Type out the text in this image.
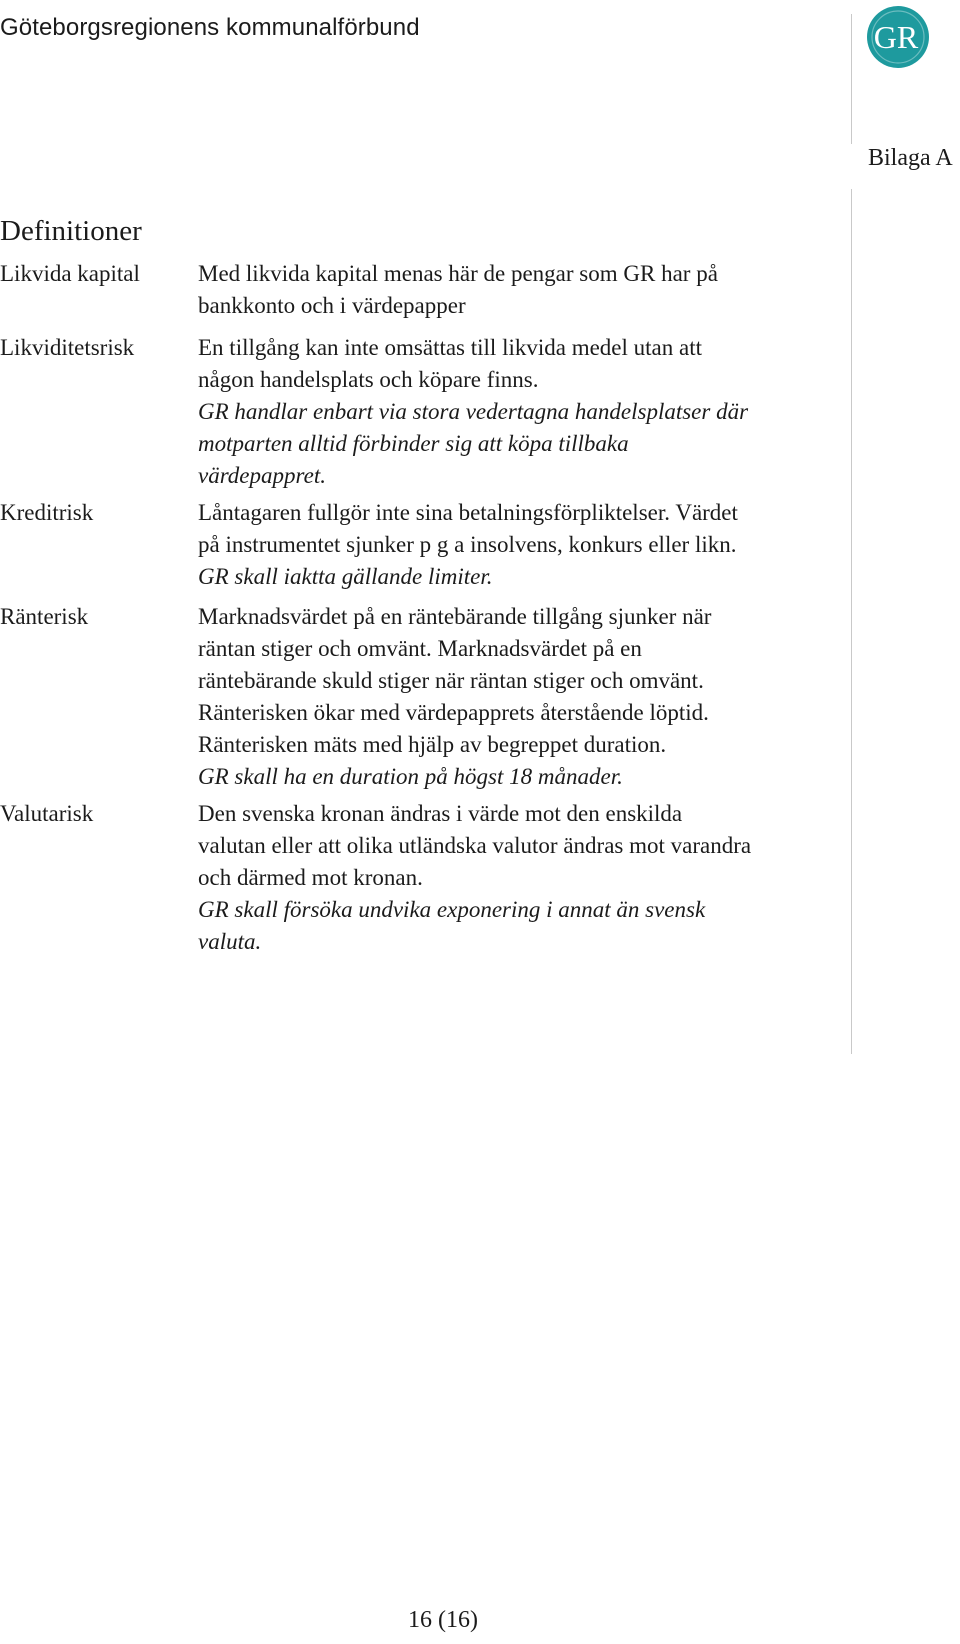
Göteborgsregionens kommunalförbund	GR
Bilaga A
Definitioner
Likvida kapital	Med likvida kapital menas här de pengar som GR har på
bankkonto och i värdepapper
Likviditetsrisk	En tillgång kan inte omsättas till likvida medel utan att
någon handelsplats och köpare finns.
GR handlar enbart via stora vedertagna handelsplatser där
motparten alltid förbinder sig att köpa tillbaka
värdepappret.
Kreditrisk	Låntagaren fullgör inte sina betalningsförpliktelser. Värdet
på instrumentet sjunker p g a insolvens, konkurs eller likn.
GR skall iaktta gällande limiter.
Ränterisk	Marknadsvärdet på en räntebärande tillgång sjunker när
räntan stiger och omvänt. Marknadsvärdet på en
räntebärande skuld stiger när räntan stiger och omvänt.
Ränterisken ökar med värdepapprets återstående löptid.
Ränterisken mäts med hjälp av begreppet duration.
GR skall ha en duration på högst 18 månader.
Valutarisk	Den svenska kronan ändras i värde mot den enskilda
valutan eller att olika utländska valutor ändras mot varandra
och därmed mot kronan.
GR skall försöka undvika exponering i annat än svensk
valuta.
16 (16)
